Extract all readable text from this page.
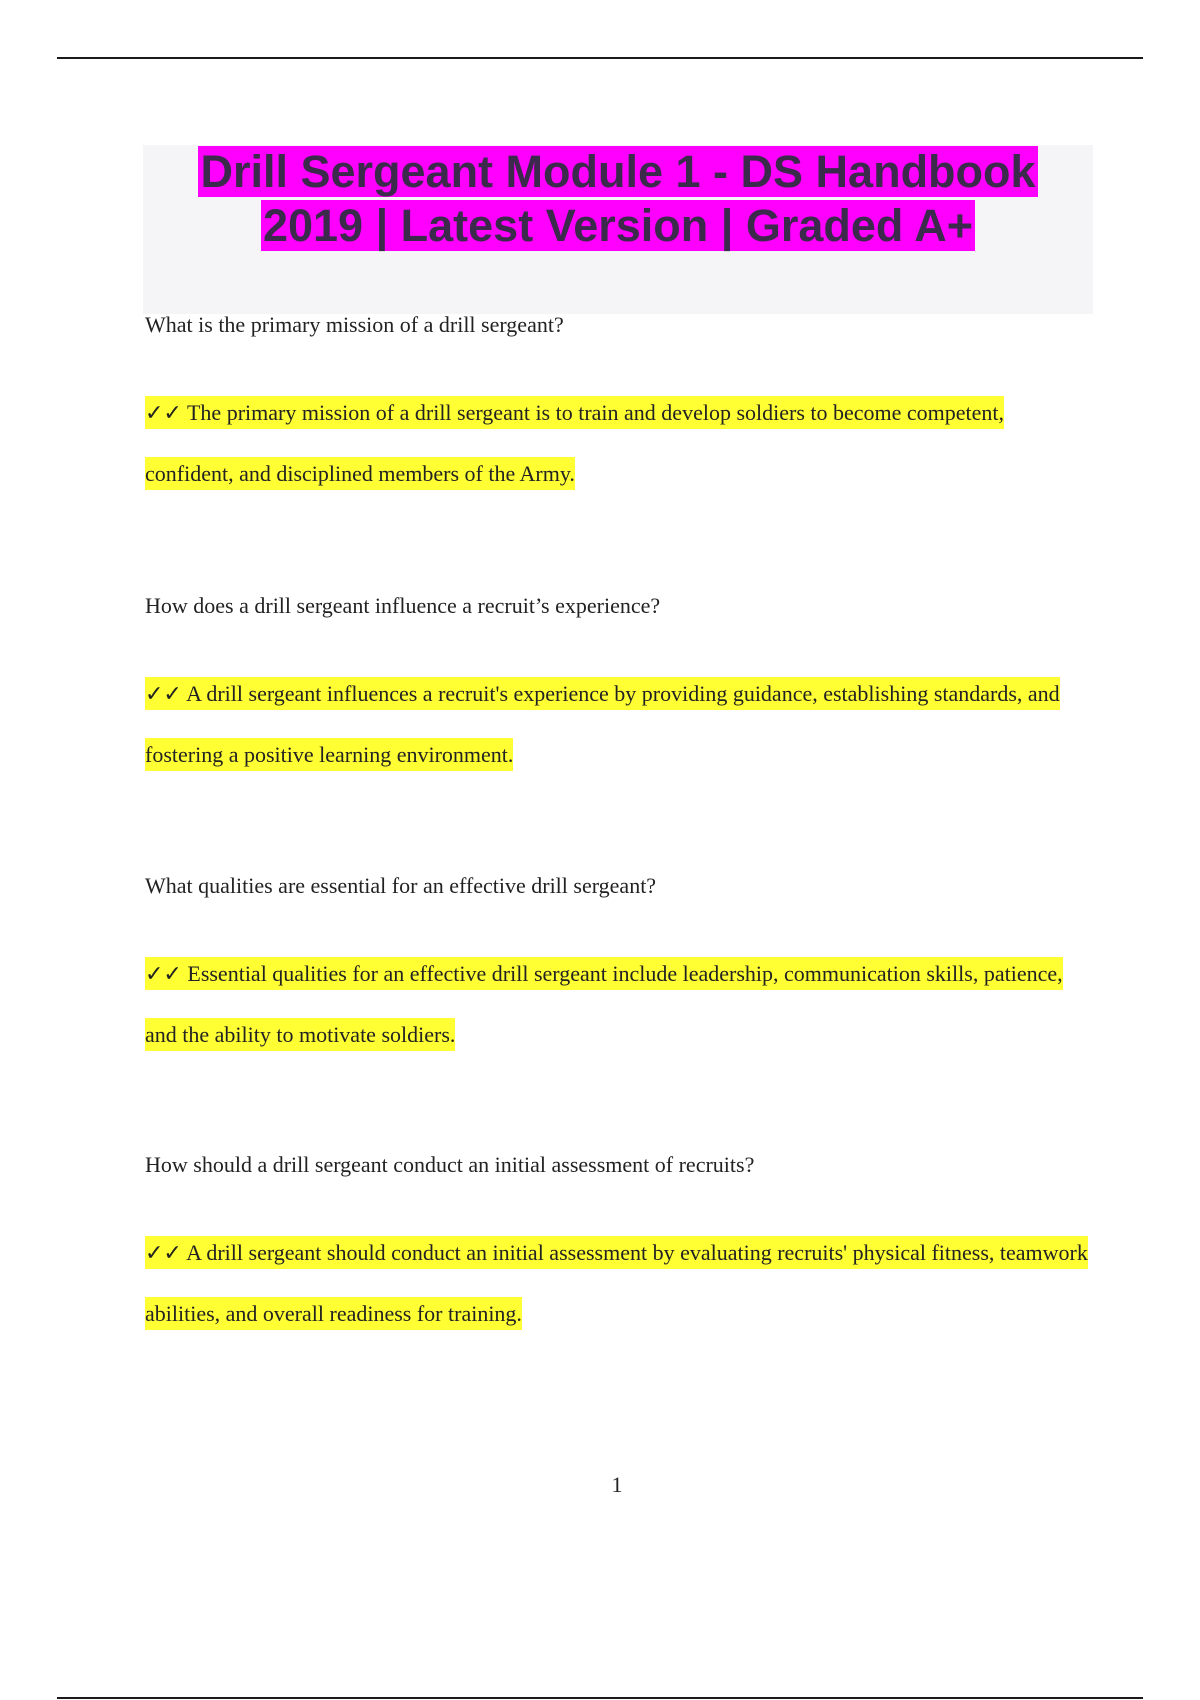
Drill Sergeant Module 1 - DS Handbook
2019 | Latest Version | Graded A+

What is the primary mission of a drill sergeant?

✓✓ The primary mission of a drill sergeant is to train and develop soldiers to become competent, confident, and disciplined members of the Army.

How does a drill sergeant influence a recruit’s experience?

✓✓ A drill sergeant influences a recruit's experience by providing guidance, establishing standards, and fostering a positive learning environment.

What qualities are essential for an effective drill sergeant?

✓✓ Essential qualities for an effective drill sergeant include leadership, communication skills, patience, and the ability to motivate soldiers.

How should a drill sergeant conduct an initial assessment of recruits?

✓✓ A drill sergeant should conduct an initial assessment by evaluating recruits' physical fitness, teamwork abilities, and overall readiness for training.

1
